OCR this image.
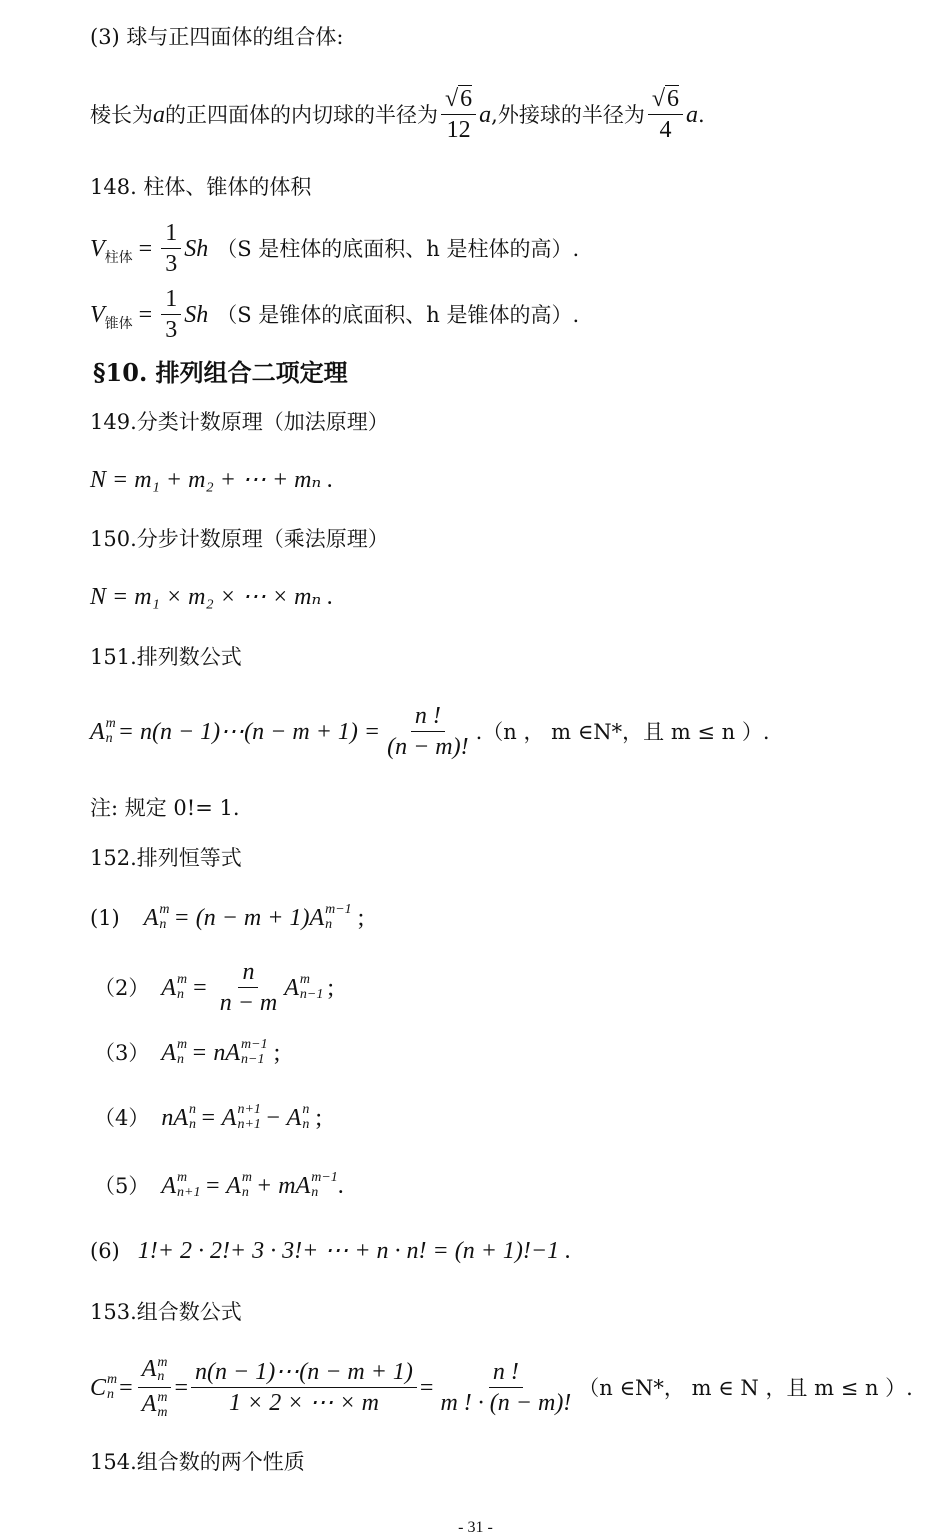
(3) 球与正四面体的组合体:
棱长为 a 的正四面体的内切球的半径为 $\frac{√6}{12}$ a ,外接球的半径为 $\frac{√6}{4}$ a .
148. 柱体、锥体的体积
$V_{柱体} = \frac{1}{3}$ Sh （S 是柱体的底面积、h 是柱体的高）.
$V_{锥体} = \frac{1}{3}$ Sh （S 是锥体的底面积、h 是锥体的高）.
§10. 排列组合二项定理
149.分类计数原理（加法原理）
N = m₁ + m₂ + ⋯ + mₙ .
150.分步计数原理（乘法原理）
N = m₁ × m₂ × ⋯ × mₙ .
151.排列数公式
A m
n = n(n − 1)⋯(n − $m + 1) = \frac{n !}{(n - m)!} .(n$ ， m ∈N*，且 m ≤ n ）.
注: 规定 0!= 1.
152.排列恒等式
(1) A m
n = (n − m + 1)A m−1
n	;
（2） A m
$n = \frac{n}{n - m}$ A m
n−1 ;
（3） A m
n = nA m−1
n−1 ;
（4） nA n
n = A n+1
n+1 − A n
n ;
（5） A m
n+1 = A m
n + mA m−1
n .
(6) 1!+ 2 · 2!+ 3 · 3!+ ⋯ + n · n! = (n + 1)!−1 .
153.组合数公式
C m
n = A m
n
A m
$m = \frac{n(n - 1)\cdots(n - m + 1)}{1 \times 2 \times \cdots \times m} = \frac{n !}{m ! \cdot (n - m)!} (n$ ∈N*， m ∈ N ，且 m ≤ n ）.
154.组合数的两个性质
- 31 -
